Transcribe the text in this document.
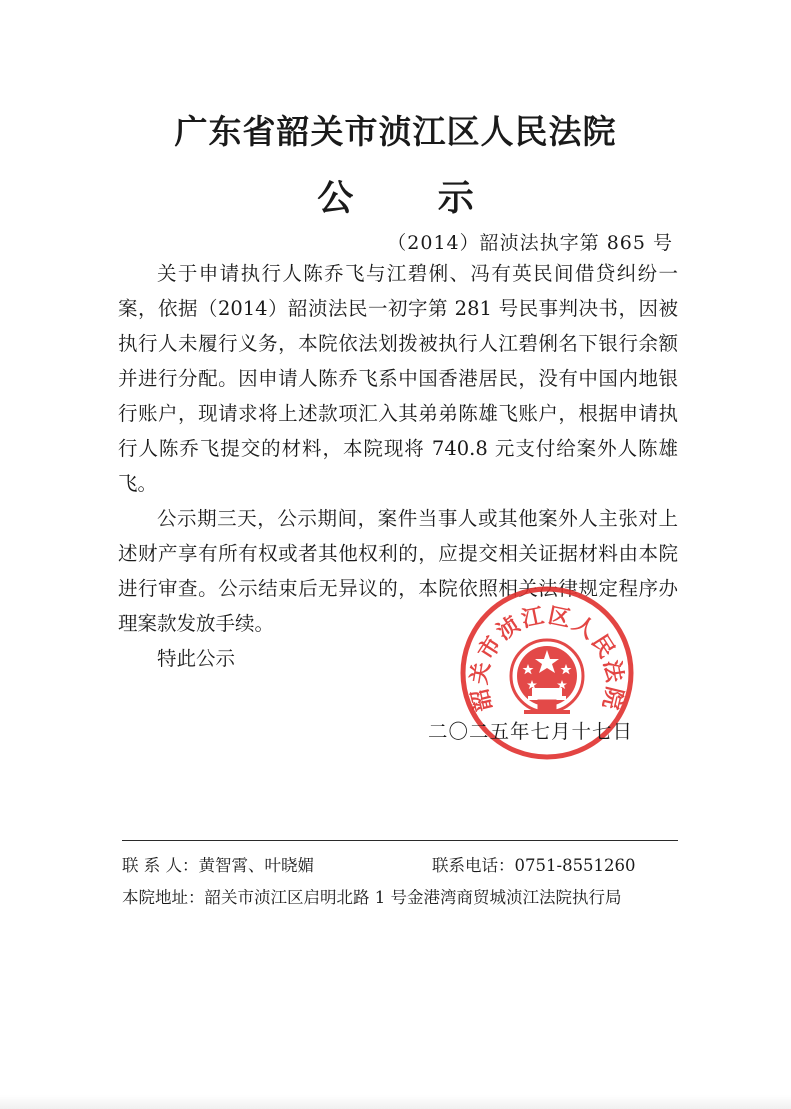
广东省韶关市浈江区人民法院
公 示
（2014）韶浈法执字第 865 号

关于申请执行人陈乔飞与江碧俐、冯有英民间借贷纠纷一案，依据（2014）韶浈法民一初字第 281 号民事判决书，因被执行人未履行义务，本院依法划拨被执行人江碧俐名下银行余额并进行分配。因申请人陈乔飞系中国香港居民，没有中国内地银行账户，现请求将上述款项汇入其弟弟陈雄飞账户，根据申请执行人陈乔飞提交的材料，本院现将 740.8 元支付给案外人陈雄飞。

公示期三天，公示期间，案件当事人或其他案外人主张对上述财产享有所有权或者其他权利的，应提交相关证据材料由本院进行审查。公示结束后无异议的，本院依照相关法律规定程序办理案款发放手续。

特此公示

韶关市浈江区人民法院
二〇二五年七月十七日
联 系 人：黄智霄、叶晓媚	联系电话：0751-8551260
本院地址：韶关市浈江区启明北路 1 号金港湾商贸城浈江法院执行局
